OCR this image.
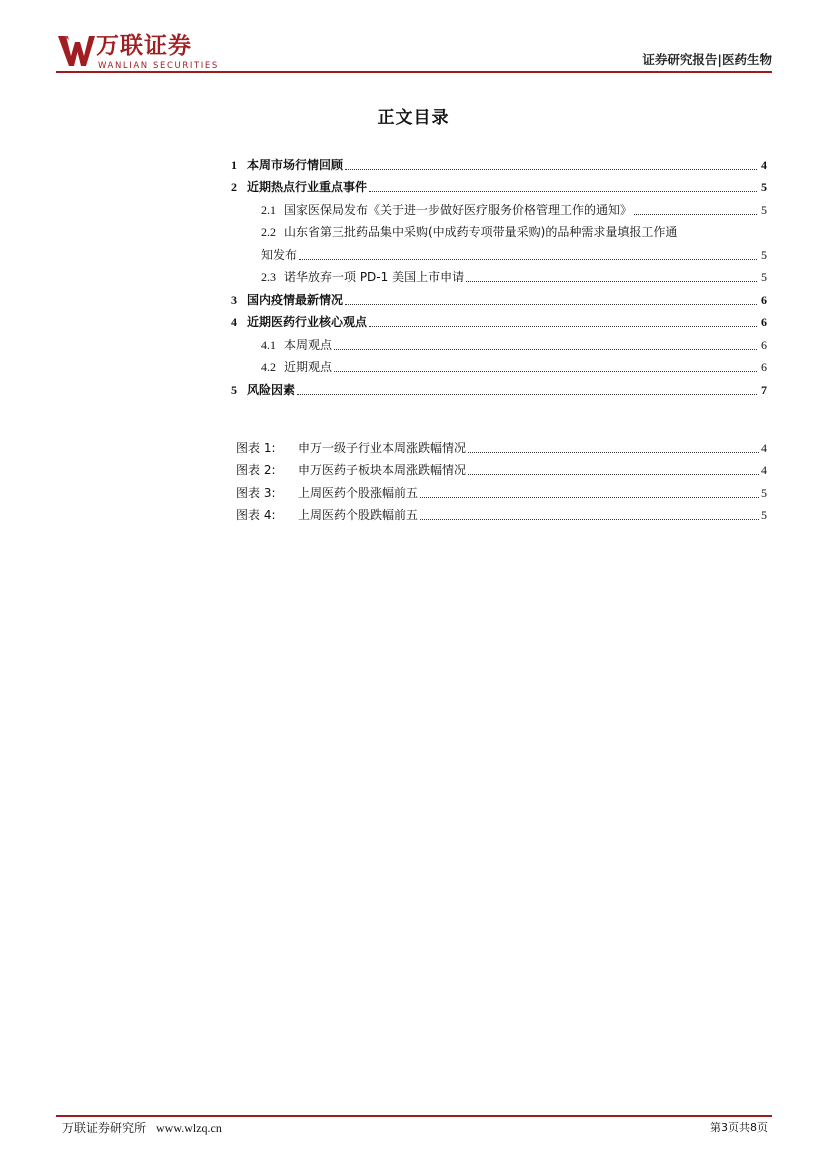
万联证券
WANLIAN SECURITIES	证券研究报告|医药生物
正文目录
1 本周市场行情回顾	4
2 近期热点行业重点事件	5
2.1 国家医保局发布《关于进一步做好医疗服务价格管理工作的通知》	5
2.2 山东省第三批药品集中采购(中成药专项带量采购)的品种需求量填报工作通
知发布	5
2.3 诺华放弃一项 PD-1 美国上市申请	5
3 国内疫情最新情况	6
4 近期医药行业核心观点	6
4.1 本周观点	6
4.2 近期观点	6
5 风险因素	7
图表 1:	申万一级子行业本周涨跌幅情况	4
图表 2:	申万医药子板块本周涨跌幅情况	4
图表 3:	上周医药个股涨幅前五	5
图表 4:	上周医药个股跌幅前五	5
万联证券研究所 www.wlzq.cn	第3页共8页
